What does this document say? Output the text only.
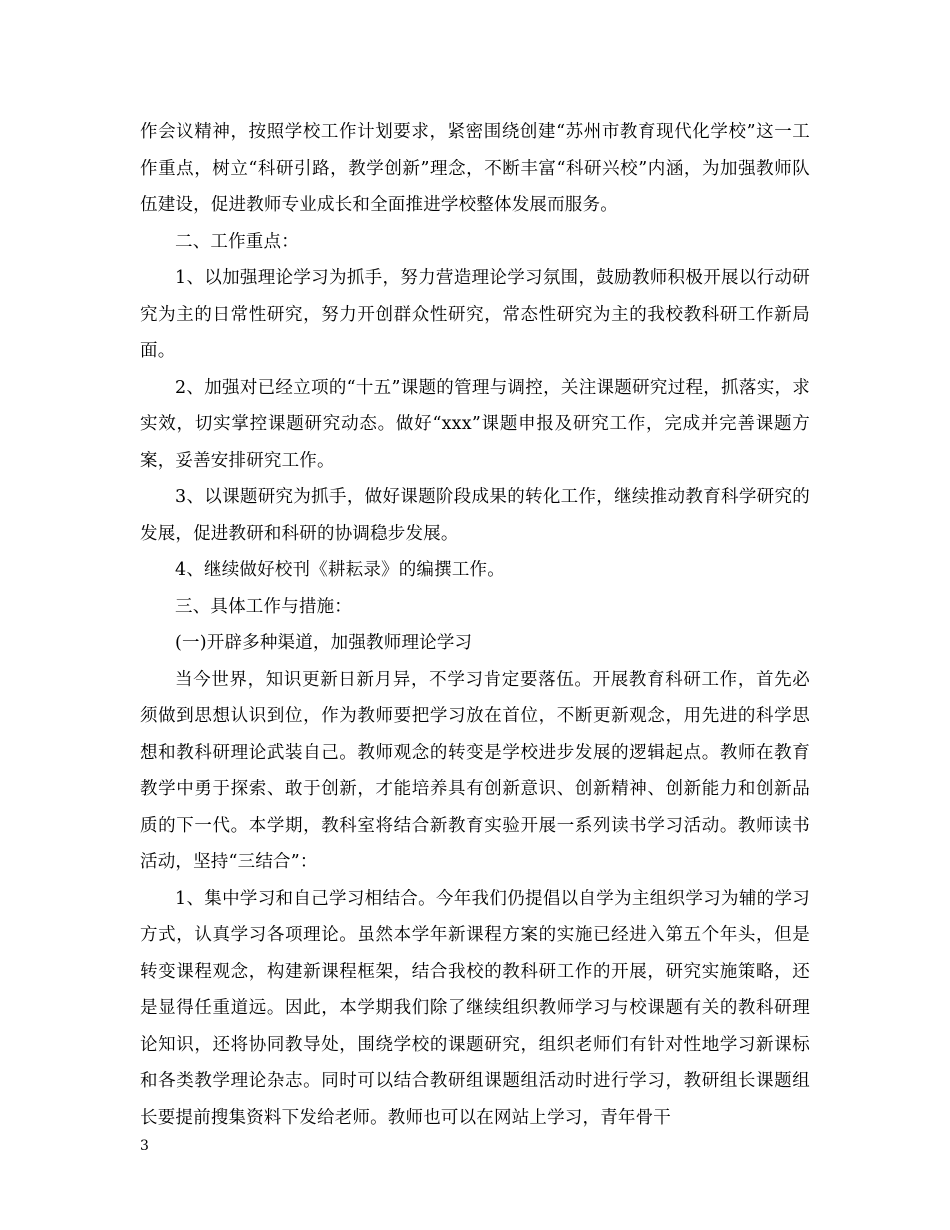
作会议精神，按照学校工作计划要求，紧密围绕创建“苏州市教育现代化学校”这一工作重点，树立“科研引路，教学创新”理念，不断丰富“科研兴校”内涵，为加强教师队伍建设，促进教师专业成长和全面推进学校整体发展而服务。

二、工作重点：

1、以加强理论学习为抓手，努力营造理论学习氛围，鼓励教师积极开展以行动研究为主的日常性研究，努力开创群众性研究，常态性研究为主的我校教科研工作新局面。

2、加强对已经立项的“十五”课题的管理与调控，关注课题研究过程，抓落实，求实效，切实掌控课题研究动态。做好“xxx”课题申报及研究工作，完成并完善课题方案，妥善安排研究工作。

3、以课题研究为抓手，做好课题阶段成果的转化工作，继续推动教育科学研究的发展，促进教研和科研的协调稳步发展。

4、继续做好校刊《耕耘录》的编撰工作。

三、具体工作与措施：

(一)开辟多种渠道，加强教师理论学习

当今世界，知识更新日新月异，不学习肯定要落伍。开展教育科研工作，首先必须做到思想认识到位，作为教师要把学习放在首位，不断更新观念，用先进的科学思想和教科研理论武装自己。教师观念的转变是学校进步发展的逻辑起点。教师在教育教学中勇于探索、敢于创新，才能培养具有创新意识、创新精神、创新能力和创新品质的下一代。本学期，教科室将结合新教育实验开展一系列读书学习活动。教师读书活动，坚持“三结合”：

1、集中学习和自己学习相结合。今年我们仍提倡以自学为主组织学习为辅的学习方式，认真学习各项理论。虽然本学年新课程方案的实施已经进入第五个年头，但是转变课程观念，构建新课程框架，结合我校的教科研工作的开展，研究实施策略，还是显得任重道远。因此，本学期我们除了继续组织教师学习与校课题有关的教科研理论知识，还将协同教导处，围绕学校的课题研究，组织老师们有针对性地学习新课标和各类教学理论杂志。同时可以结合教研组课题组活动时进行学习，教研组长课题组长要提前搜集资料下发给老师。教师也可以在网站上学习，青年骨干

3
